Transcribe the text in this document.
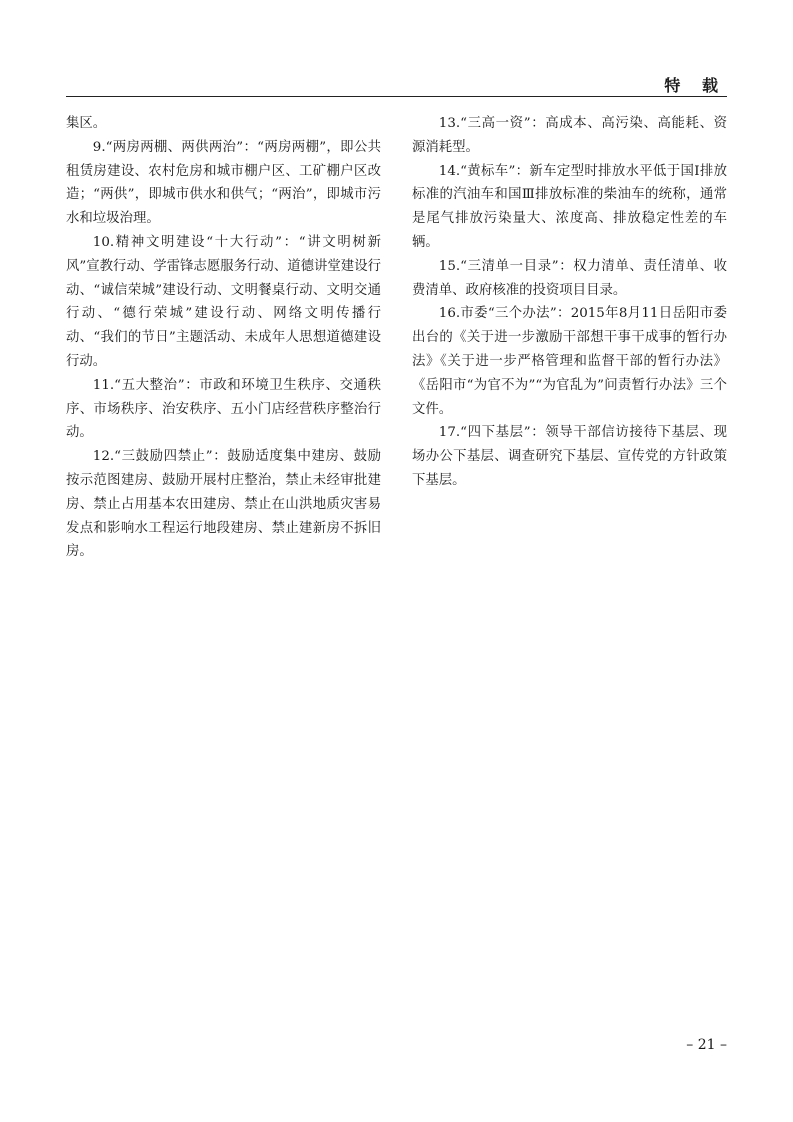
特 载

集区。

9.“两房两棚、两供两治”：“两房两棚”，即公共租赁房建设、农村危房和城市棚户区、工矿棚户区改造；“两供”，即城市供水和供气；“两治”，即城市污水和垃圾治理。

10.精神文明建设“十大行动”：“讲文明树新风”宣教行动、学雷锋志愿服务行动、道德讲堂建设行动、“诚信荣城”建设行动、文明餐桌行动、文明交通行动、“德行荣城”建设行动、网络文明传播行动、“我们的节日”主题活动、未成年人思想道德建设行动。

11.“五大整治”：市政和环境卫生秩序、交通秩序、市场秩序、治安秩序、五小门店经营秩序整治行动。

12.“三鼓励四禁止”：鼓励适度集中建房、鼓励按示范图建房、鼓励开展村庄整治，禁止未经审批建房、禁止占用基本农田建房、禁止在山洪地质灾害易发点和影响水工程运行地段建房、禁止建新房不拆旧房。

13.“三高一资”：高成本、高污染、高能耗、资源消耗型。

14.“黄标车”：新车定型时排放水平低于国Ⅰ排放标准的汽油车和国Ⅲ排放标准的柴油车的统称，通常是尾气排放污染量大、浓度高、排放稳定性差的车辆。

15.“三清单一目录”：权力清单、责任清单、收费清单、政府核准的投资项目目录。

16.市委“三个办法”：2015年8月11日岳阳市委出台的《关于进一步激励干部想干事干成事的暂行办法》《关于进一步严格管理和监督干部的暂行办法》《岳阳市“为官不为”“为官乱为”问责暂行办法》三个文件。

17.“四下基层”：领导干部信访接待下基层、现场办公下基层、调查研究下基层、宣传党的方针政策下基层。

– 21 –
